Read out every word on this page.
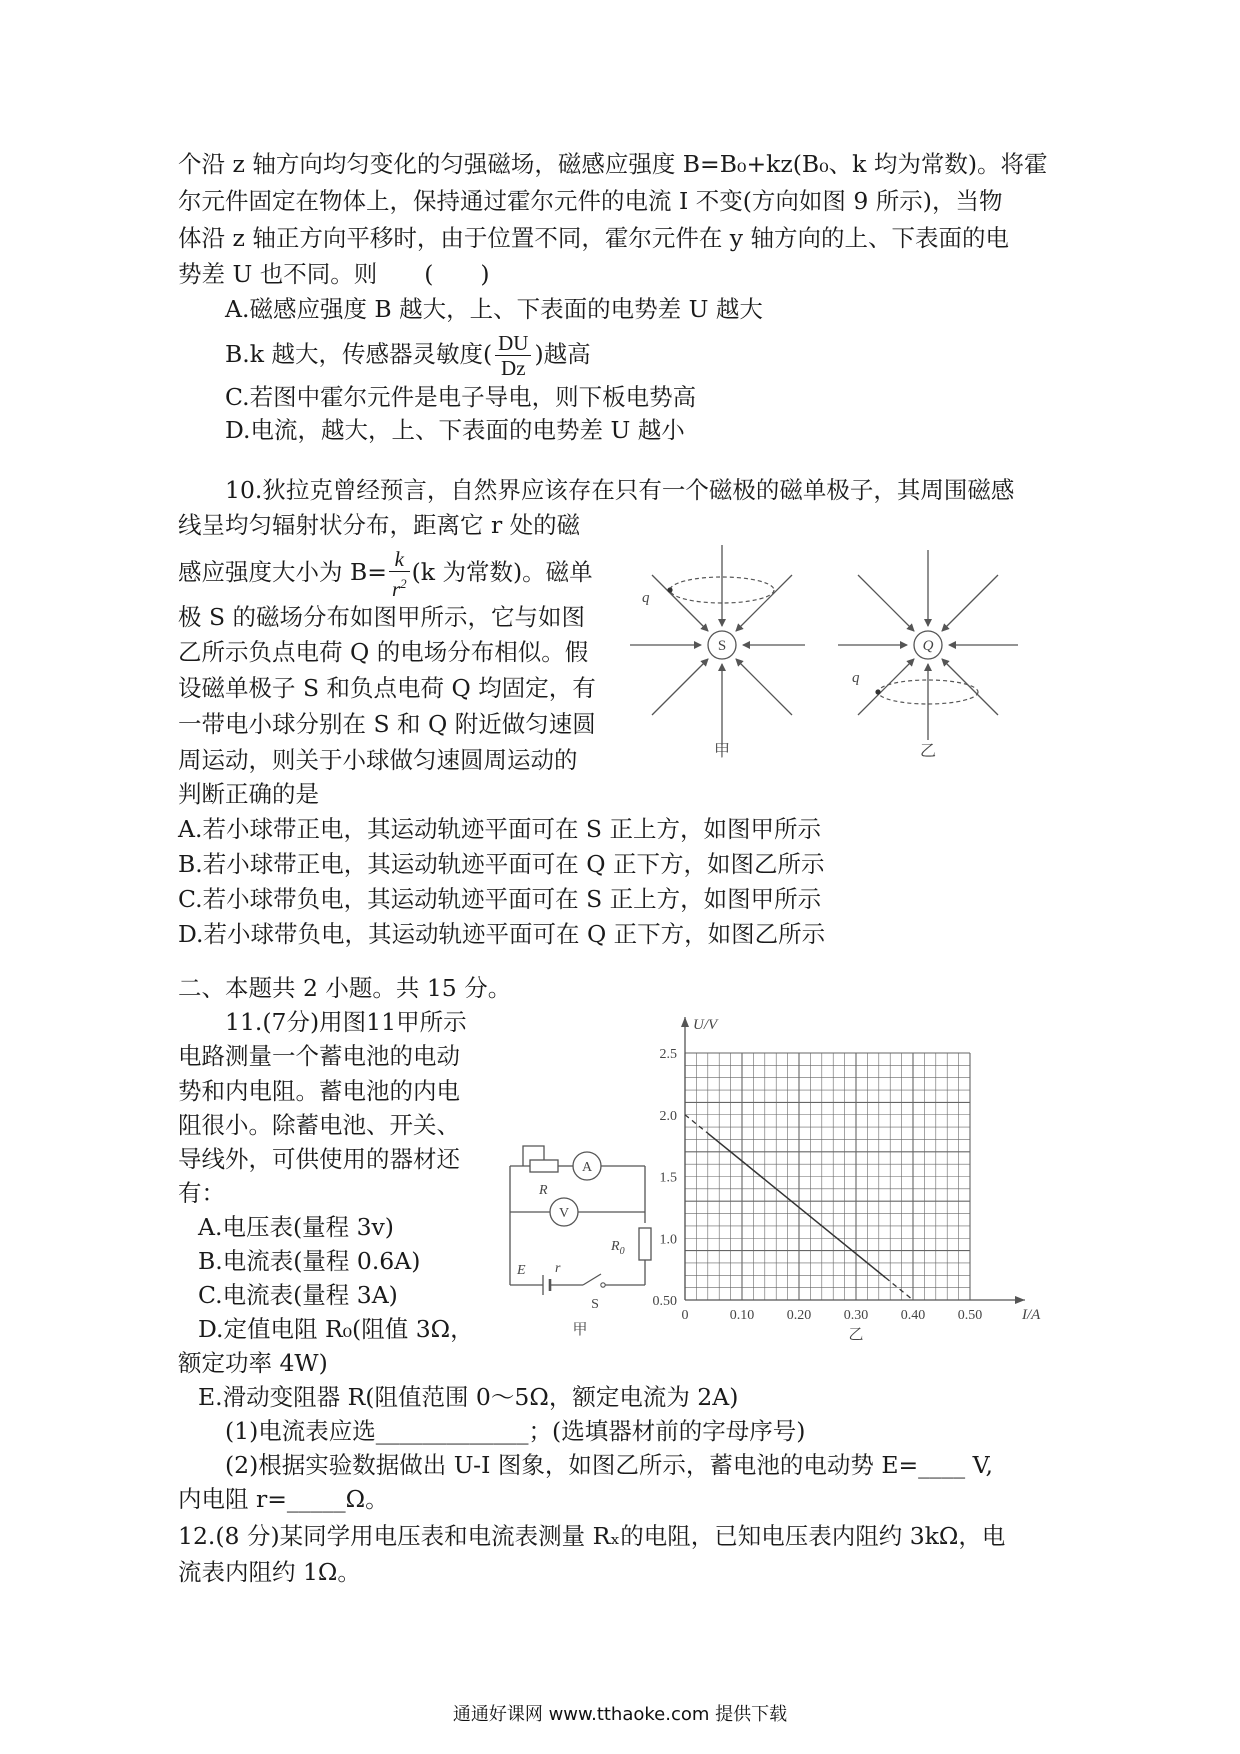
个沿 z 轴方向均匀变化的匀强磁场，磁感应强度 B=B₀+kz(B₀、k 均为常数)。将霍
尔元件固定在物体上，保持通过霍尔元件的电流 I 不变(方向如图 9 所示)，当物
体沿 z 轴正方向平移时，由于位置不同，霍尔元件在 y 轴方向的上、下表面的电
势差 U 也不同。则　　(　　)
A.磁感应强度 B 越大，上、下表面的电势差 U 越大
B.k 越大，传感器灵敏度( $\frac{DU}{Dz}$ )越高
C.若图中霍尔元件是电子导电，则下板电势高
D.电流，越大，上、下表面的电势差 U 越小
10.狄拉克曾经预言，自然界应该存在只有一个磁极的磁单极子，其周围磁感
线呈均匀辐射状分布，距离它 r 处的磁
感应强度大小为 $B= \frac{k}{r^2} (k$ 为常数)。磁单
极 S 的磁场分布如图甲所示，它与如图
乙所示负点电荷 Q 的电场分布相似。假
设磁单极子 S 和负点电荷 Q 均固定，有
一带电小球分别在 S 和 Q 附近做匀速圆
周运动，则关于小球做匀速圆周运动的
判断正确的是
A.若小球带正电，其运动轨迹平面可在 S 正上方，如图甲所示
B.若小球带正电，其运动轨迹平面可在 Q 正下方，如图乙所示
C.若小球带负电，其运动轨迹平面可在 S 正上方，如图甲所示
D.若小球带负电，其运动轨迹平面可在 Q 正下方，如图乙所示
q
S
甲
q
Q
乙
二、本题共 2 小题。共 15 分。
11.(7分)用图11甲所示
电路测量一个蓄电池的电动
势和内电阻。蓄电池的内电
阻很小。除蓄电池、开关、
导线外，可供使用的器材还
有：
A.电压表(量程 3v)
B.电流表(量程 0.6A)
C.电流表(量程 3A)
D.定值电阻 R₀(阻值 3Ω，
额定功率 4W)
E.滑动变阻器 R(阻值范围 0～5Ω，额定电流为 2A)
(1)电流表应选_____________；(选填器材前的字母序号)
(2)根据实验数据做出 U-I 图象，如图乙所示，蓄电池的电动势 E=____ V,
内电阻 r=_____Ω。
A
V
R
E r
$R_0$
S
甲
I/A
U/V
0	0.10 0.20 0.30 0.40 0.50
0.50
1.0
1.5
2.0
2.5
乙
12.(8 分)某同学用电压表和电流表测量 Rₓ的电阻，已知电压表内阻约 3kΩ，电
流表内阻约 1Ω。
通通好课网 www.tthaoke.com 提供下载
